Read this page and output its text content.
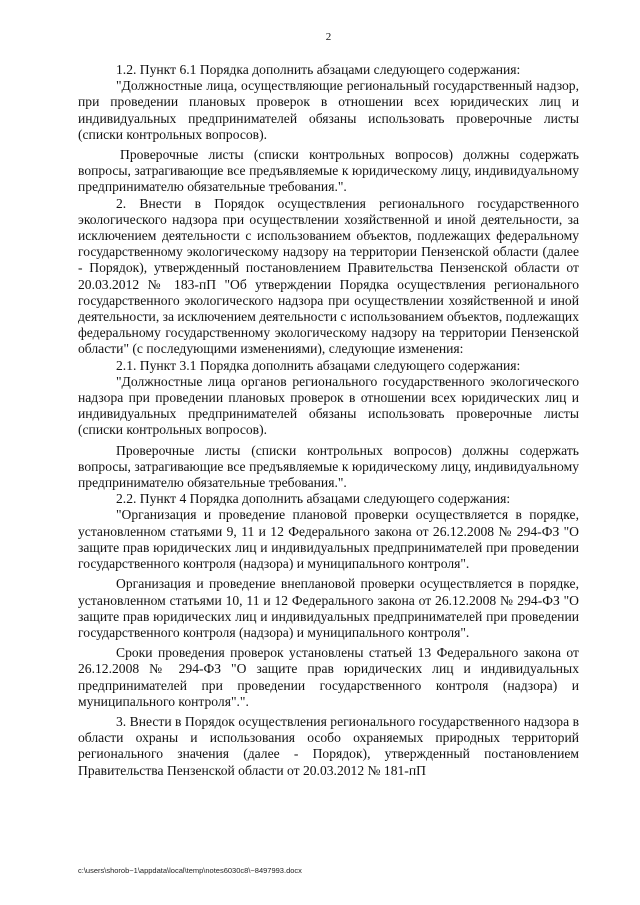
2

1.2. Пункт 6.1 Порядка дополнить абзацами следующего содержания:

"Должностные лица, осуществляющие региональный государственный надзор, при проведении плановых проверок в отношении всех юридических лиц и индивидуальных предпринимателей обязаны использовать проверочные листы (списки контрольных вопросов).

Проверочные листы (списки контрольных вопросов) должны содержать вопросы, затрагивающие все предъявляемые к юридическому лицу, индивидуальному предпринимателю обязательные требования.".

2. Внести в Порядок осуществления регионального государственного экологического надзора при осуществлении хозяйственной и иной деятельности, за исключением деятельности с использованием объектов, подлежащих федеральному государственному экологическому надзору на территории Пензенской области (далее - Порядок), утвержденный постановлением Правительства Пензенской области от 20.03.2012 № 183-пП "Об утверждении Порядка осуществления регионального государственного экологического надзора при осуществлении хозяйственной и иной деятельности, за исключением деятельности с использованием объектов, подлежащих федеральному государственному экологическому надзору на территории Пензенской области" (с последующими изменениями), следующие изменения:

2.1. Пункт 3.1 Порядка дополнить абзацами следующего содержания:

"Должностные лица органов регионального государственного экологического надзора при проведении плановых проверок в отношении всех юридических лиц и индивидуальных предпринимателей обязаны использовать проверочные листы (списки контрольных вопросов).

Проверочные листы (списки контрольных вопросов) должны содержать вопросы, затрагивающие все предъявляемые к юридическому лицу, индивидуальному предпринимателю обязательные требования.".

2.2. Пункт 4 Порядка дополнить абзацами следующего содержания:

"Организация и проведение плановой проверки осуществляется в порядке, установленном статьями 9, 11 и 12 Федерального закона от 26.12.2008 № 294-ФЗ "О защите прав юридических лиц и индивидуальных предпринимателей при проведении государственного контроля (надзора) и муниципального контроля".

Организация и проведение внеплановой проверки осуществляется в порядке, установленном статьями 10, 11 и 12 Федерального закона от 26.12.2008 № 294-ФЗ "О защите прав юридических лиц и индивидуальных предпринимателей при проведении государственного контроля (надзора) и муниципального контроля".

Сроки проведения проверок установлены статьей 13 Федерального закона от 26.12.2008 № 294-ФЗ "О защите прав юридических лиц и индивидуальных предпринимателей при проведении государственного контроля (надзора) и муниципального контроля".".

3. Внести в Порядок осуществления регионального государственного надзора в области охраны и использования особо охраняемых природных территорий регионального значения (далее - Порядок), утвержденный постановлением Правительства Пензенской области от 20.03.2012 № 181-пП

c:\users\shorob~1\appdata\local\temp\notes6030c8\~8497993.docx
